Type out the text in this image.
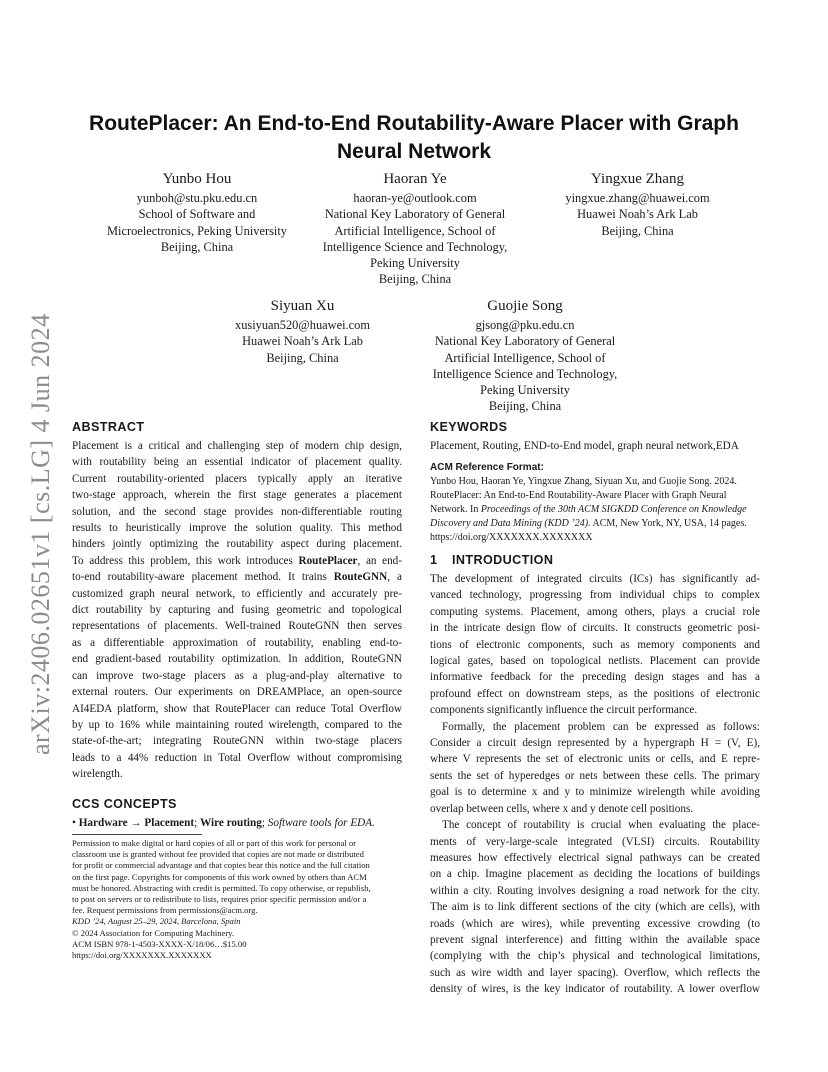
arXiv:2406.02651v1 [cs.LG] 4 Jun 2024
RoutePlacer: An End-to-End Routability-Aware Placer with Graph
Neural Network
Yunbo Hou
yunboh@stu.pku.edu.cn
School of Software and
Microelectronics, Peking University
Beijing, China
Haoran Ye
haoran-ye@outlook.com
National Key Laboratory of General
Artificial Intelligence, School of
Intelligence Science and Technology,
Peking University
Beijing, China
Yingxue Zhang
yingxue.zhang@huawei.com
Huawei Noah’s Ark Lab
Beijing, China
Siyuan Xu
xusiyuan520@huawei.com
Huawei Noah’s Ark Lab
Beijing, China
Guojie Song
gjsong@pku.edu.cn
National Key Laboratory of General
Artificial Intelligence, School of
Intelligence Science and Technology,
Peking University
Beijing, China
ABSTRACT
Placement is a critical and challenging step of modern chip design,
with routability being an essential indicator of placement quality.
Current routability-oriented placers typically apply an iterative
two-stage approach, wherein the first stage generates a placement
solution, and the second stage provides non-differentiable routing
results to heuristically improve the solution quality. This method
hinders jointly optimizing the routability aspect during placement.
To address this problem, this work introduces RoutePlacer, an end-
to-end routability-aware placement method. It trains RouteGNN, a
customized graph neural network, to efficiently and accurately pre-
dict routability by capturing and fusing geometric and topological
representations of placements. Well-trained RouteGNN then serves
as a differentiable approximation of routability, enabling end-to-
end gradient-based routability optimization. In addition, RouteGNN
can improve two-stage placers as a plug-and-play alternative to
external routers. Our experiments on DREAMPlace, an open-source
AI4EDA platform, show that RoutePlacer can reduce Total Overflow
by up to 16% while maintaining routed wirelength, compared to the
state-of-the-art; integrating RouteGNN within two-stage placers
leads to a 44% reduction in Total Overflow without compromising
wirelength.
CCS CONCEPTS
• Hardware → Placement; Wire routing; Software tools for EDA.
Permission to make digital or hard copies of all or part of this work for personal or
classroom use is granted without fee provided that copies are not made or distributed
for profit or commercial advantage and that copies bear this notice and the full citation
on the first page. Copyrights for components of this work owned by others than ACM
must be honored. Abstracting with credit is permitted. To copy otherwise, or republish,
to post on servers or to redistribute to lists, requires prior specific permission and/or a
fee. Request permissions from permissions@acm.org.
KDD ’24, August 25–29, 2024, Barcelona, Spain
© 2024 Association for Computing Machinery.
ACM ISBN 978-1-4503-XXXX-X/18/06…$15.00
https://doi.org/XXXXXXX.XXXXXXX
KEYWORDS
Placement, Routing, END-to-End model, graph neural network,EDA
ACM Reference Format:
Yunbo Hou, Haoran Ye, Yingxue Zhang, Siyuan Xu, and Guojie Song. 2024.
RoutePlacer: An End-to-End Routability-Aware Placer with Graph Neural
Network. In Proceedings of the 30th ACM SIGKDD Conference on Knowledge
Discovery and Data Mining (KDD ’24). ACM, New York, NY, USA, 14 pages.
https://doi.org/XXXXXXX.XXXXXXX
1 INTRODUCTION
The development of integrated circuits (ICs) has significantly ad-
vanced technology, progressing from individual chips to complex
computing systems. Placement, among others, plays a crucial role
in the intricate design flow of circuits. It constructs geometric posi-
tions of electronic components, such as memory components and
logical gates, based on topological netlists. Placement can provide
informative feedback for the preceding design stages and has a
profound effect on downstream steps, as the positions of electronic
components significantly influence the circuit performance.
Formally, the placement problem can be expressed as follows:
Consider a circuit design represented by a hypergraph H = (V, E),
where V represents the set of electronic units or cells, and E repre-
sents the set of hyperedges or nets between these cells. The primary
goal is to determine x and y to minimize wirelength while avoiding
overlap between cells, where x and y denote cell positions.
The concept of routability is crucial when evaluating the place-
ments of very-large-scale integrated (VLSI) circuits. Routability
measures how effectively electrical signal pathways can be created
on a chip. Imagine placement as deciding the locations of buildings
within a city. Routing involves designing a road network for the city.
The aim is to link different sections of the city (which are cells), with
roads (which are wires), while preventing excessive crowding (to
prevent signal interference) and fitting within the available space
(complying with the chip’s physical and technological limitations,
such as wire width and layer spacing). Overflow, which reflects the
density of wires, is the key indicator of routability. A lower overflow
